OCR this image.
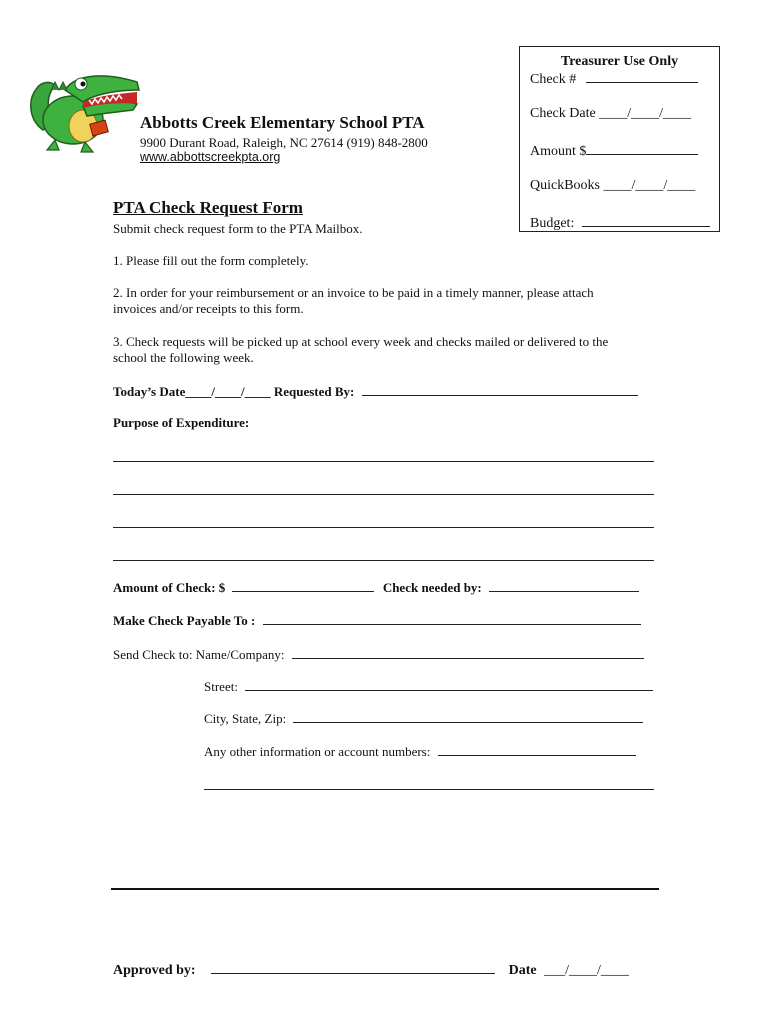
Treasurer Use Only
Check #
Check Date ____/____/____
Amount $
QuickBooks ____/____/____
Budget:
Abbotts Creek Elementary School PTA
9900 Durant Road, Raleigh, NC 27614 (919) 848-2800
www.abbottscreekpta.org
PTA Check Request Form
Submit check request form to the PTA Mailbox.
1. Please fill out the form completely.
2. In order for your reimbursement or an invoice to be paid in a timely manner, please attach
invoices and/or receipts to this form.
3. Check requests will be picked up at school every week and checks mailed or delivered to the
school the following week.
Today’s Date____/____/____ Requested By:
Purpose of Expenditure:
Amount of Check: $	Check needed by:
Make Check Payable To :
Send Check to: Name/Company:
Street:
City, State, Zip:
Any other information or account numbers:
Approved by:	Date ___/____/____
